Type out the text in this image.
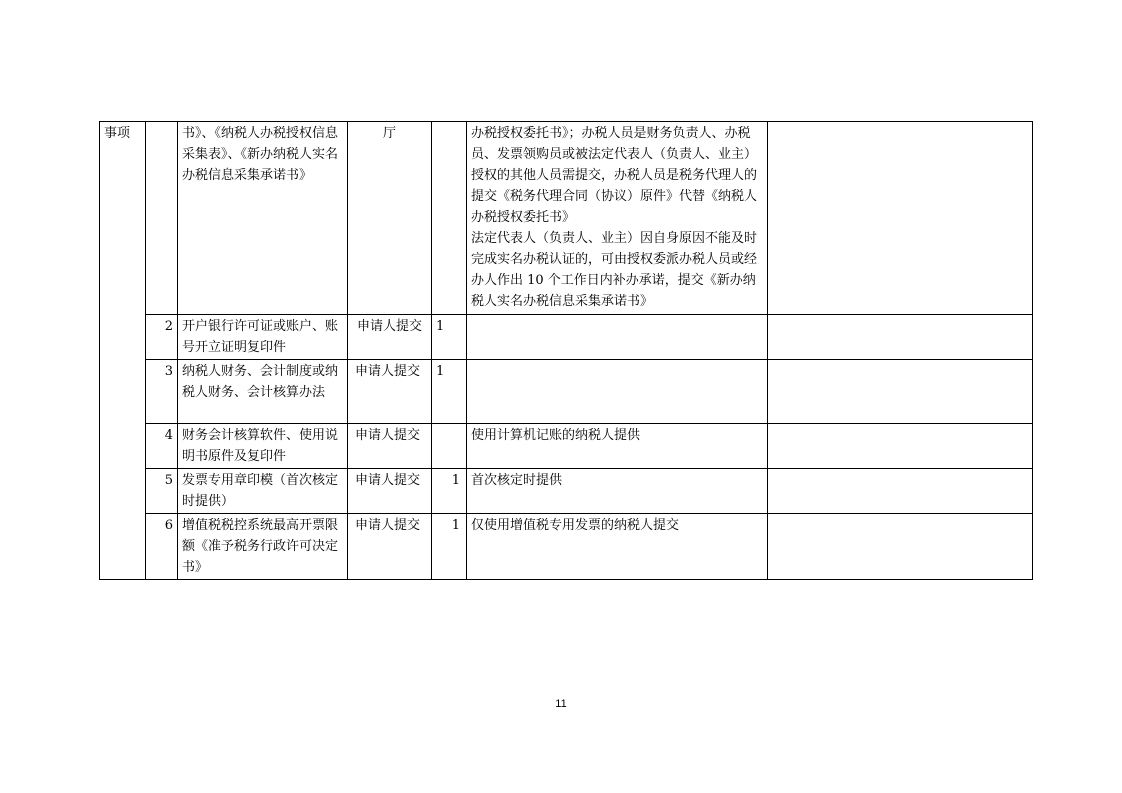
事项		书》、《纳税人办税授权信息采集表》、《新办纳税人实名办税信息采集承诺书》	厅		办税授权委托书》；办税人员是财务负责人、办税员、发票领购员或被法定代表人（负责人、业主）授权的其他人员需提交，办税人员是税务代理人的提交《税务代理合同（协议）原件》代替《纳税人办税授权委托书》
法定代表人（负责人、业主）因自身原因不能及时完成实名办税认证的，可由授权委派办税人员或经办人作出 10 个工作日内补办承诺，提交《新办纳税人实名办税信息采集承诺书》	

	2	开户银行许可证或账户、账号开立证明复印件	申请人提交	1		
	3	纳税人财务、会计制度或纳税人财务、会计核算办法	申请人提交	1		
	4	财务会计核算软件、使用说明书原件及复印件	申请人提交		使用计算机记账的纳税人提供	
	5	发票专用章印模（首次核定时提供）	申请人提交	1	首次核定时提供	
	6	增值税税控系统最高开票限额《准予税务行政许可决定书》	申请人提交	1	仅使用增值税专用发票的纳税人提交	
11
